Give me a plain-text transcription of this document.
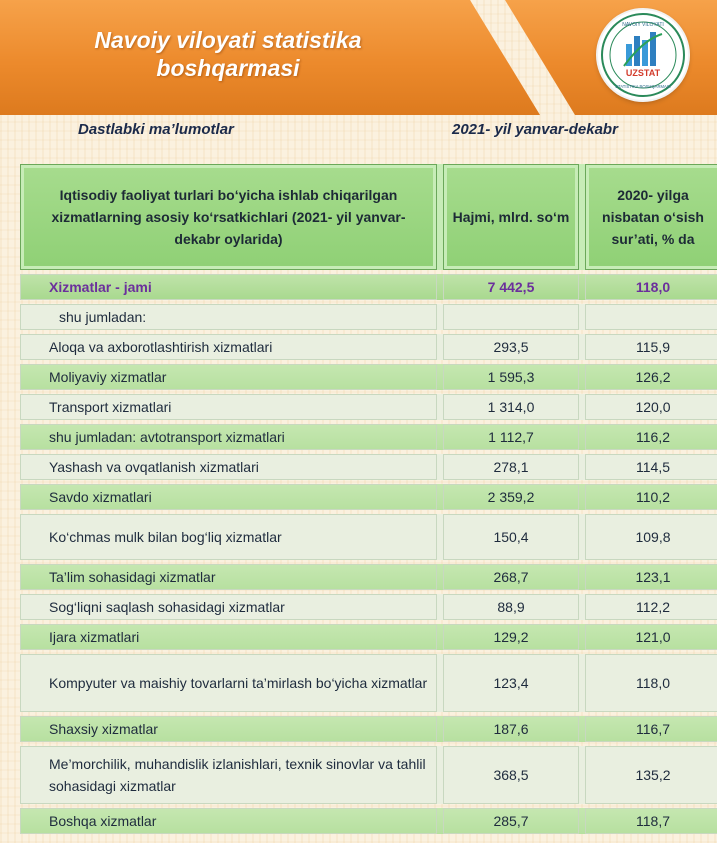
Navoiy viloyati statistika
boshqarmasi
NAVOIY VILOYATI
UZSTAT
STATISTIKA BOSHQARMASI
Dastlabki ma’lumotlar	2021- yil yanvar-dekabr
Iqtisodiy faoliyat turlari bo‘yicha ishlab chiqarilgan xizmatlarning asosiy ko‘rsatkichlari (2021- yil yanvar-dekabr oylarida)		Hajmi, mlrd. so‘m		2020- yilga nisbatan o‘sish sur’ati, % da
Xizmatlar - jami		7 442,5		118,0
shu jumladan:				
Aloqa va axborotlashtirish xizmatlari		293,5		115,9
Moliyaviy xizmatlar		1 595,3		126,2
Transport xizmatlari		1 314,0		120,0
shu jumladan: avtotransport xizmatlari		1 112,7		116,2
Yashash va ovqatlanish xizmatlari		278,1		114,5
Savdo xizmatlari		2 359,2		110,2
Ko‘chmas mulk bilan bog‘liq xizmatlar		150,4		109,8
Ta’lim sohasidagi xizmatlar		268,7		123,1
Sog‘liqni saqlash sohasidagi xizmatlar		88,9		112,2
Ijara xizmatlari		129,2		121,0
Kompyuter va maishiy tovarlarni ta’mirlash bo‘yicha xizmatlar		123,4		118,0
Shaxsiy xizmatlar		187,6		116,7
Me’morchilik, muhandislik izlanishlari, texnik sinovlar va tahlil sohasidagi xizmatlar		368,5		135,2
Boshqa xizmatlar		285,7		118,7
